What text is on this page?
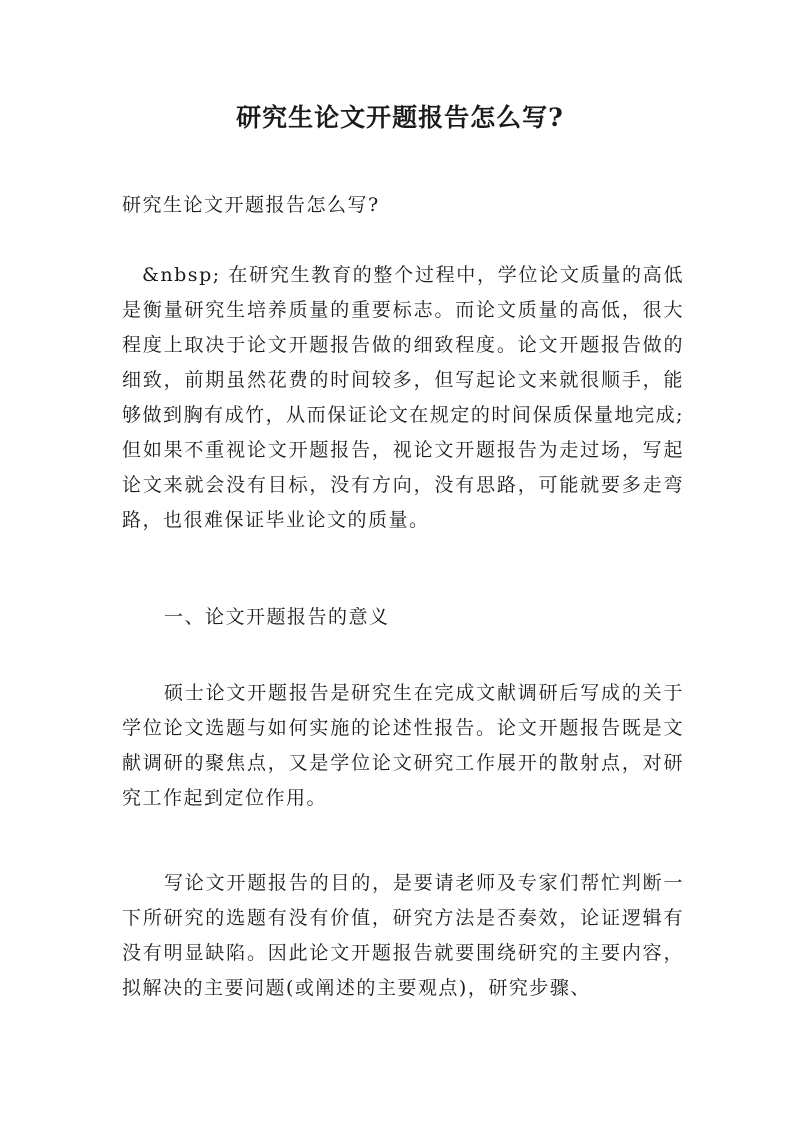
研究生论文开题报告怎么写?

研究生论文开题报告怎么写?

&nbsp; 在研究生教育的整个过程中，学位论文质量的高低是衡量研究生培养质量的重要标志。而论文质量的高低，很大程度上取决于论文开题报告做的细致程度。论文开题报告做的细致，前期虽然花费的时间较多，但写起论文来就很顺手，能够做到胸有成竹，从而保证论文在规定的时间保质保量地完成;但如果不重视论文开题报告，视论文开题报告为走过场，写起论文来就会没有目标，没有方向，没有思路，可能就要多走弯路，也很难保证毕业论文的质量。

一、论文开题报告的意义

硕士论文开题报告是研究生在完成文献调研后写成的关于学位论文选题与如何实施的论述性报告。论文开题报告既是文献调研的聚焦点，又是学位论文研究工作展开的散射点，对研究工作起到定位作用。

写论文开题报告的目的，是要请老师及专家们帮忙判断一下所研究的选题有没有价值，研究方法是否奏效，论证逻辑有没有明显缺陷。因此论文开题报告就要围绕研究的主要内容，拟解决的主要问题(或阐述的主要观点)，研究步骤、
